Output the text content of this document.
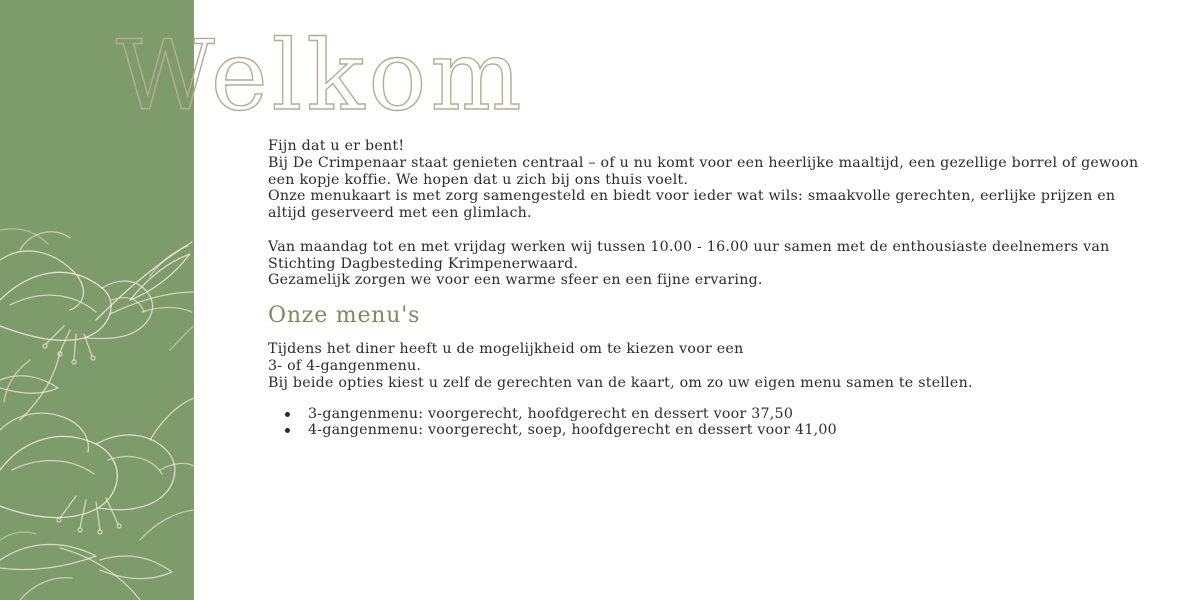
Welkom

Fijn dat u er bent!

Bij De Crimpenaar staat genieten centraal – of u nu komt voor een heerlijke maaltijd, een gezellige borrel of gewoon een kopje koffie. We hopen dat u zich bij ons thuis voelt.

Onze menukaart is met zorg samengesteld en biedt voor ieder wat wils: smaakvolle gerechten, eerlijke prijzen en altijd geserveerd met een glimlach.

Van maandag tot en met vrijdag werken wij tussen 10.00 - 16.00 uur samen met de enthousiaste deelnemers van Stichting Dagbesteding Krimpenerwaard.

Gezamelijk zorgen we voor een warme sfeer en een fijne ervaring.

Onze menu's

Tijdens het diner heeft u de mogelijkheid om te kiezen voor een

3- of 4-gangenmenu.

Bij beide opties kiest u zelf de gerechten van de kaart, om zo uw eigen menu samen te stellen.

3-gangenmenu: voorgerecht, hoofdgerecht en dessert voor 37,50
4-gangenmenu: voorgerecht, soep, hoofdgerecht en dessert voor 41,00
